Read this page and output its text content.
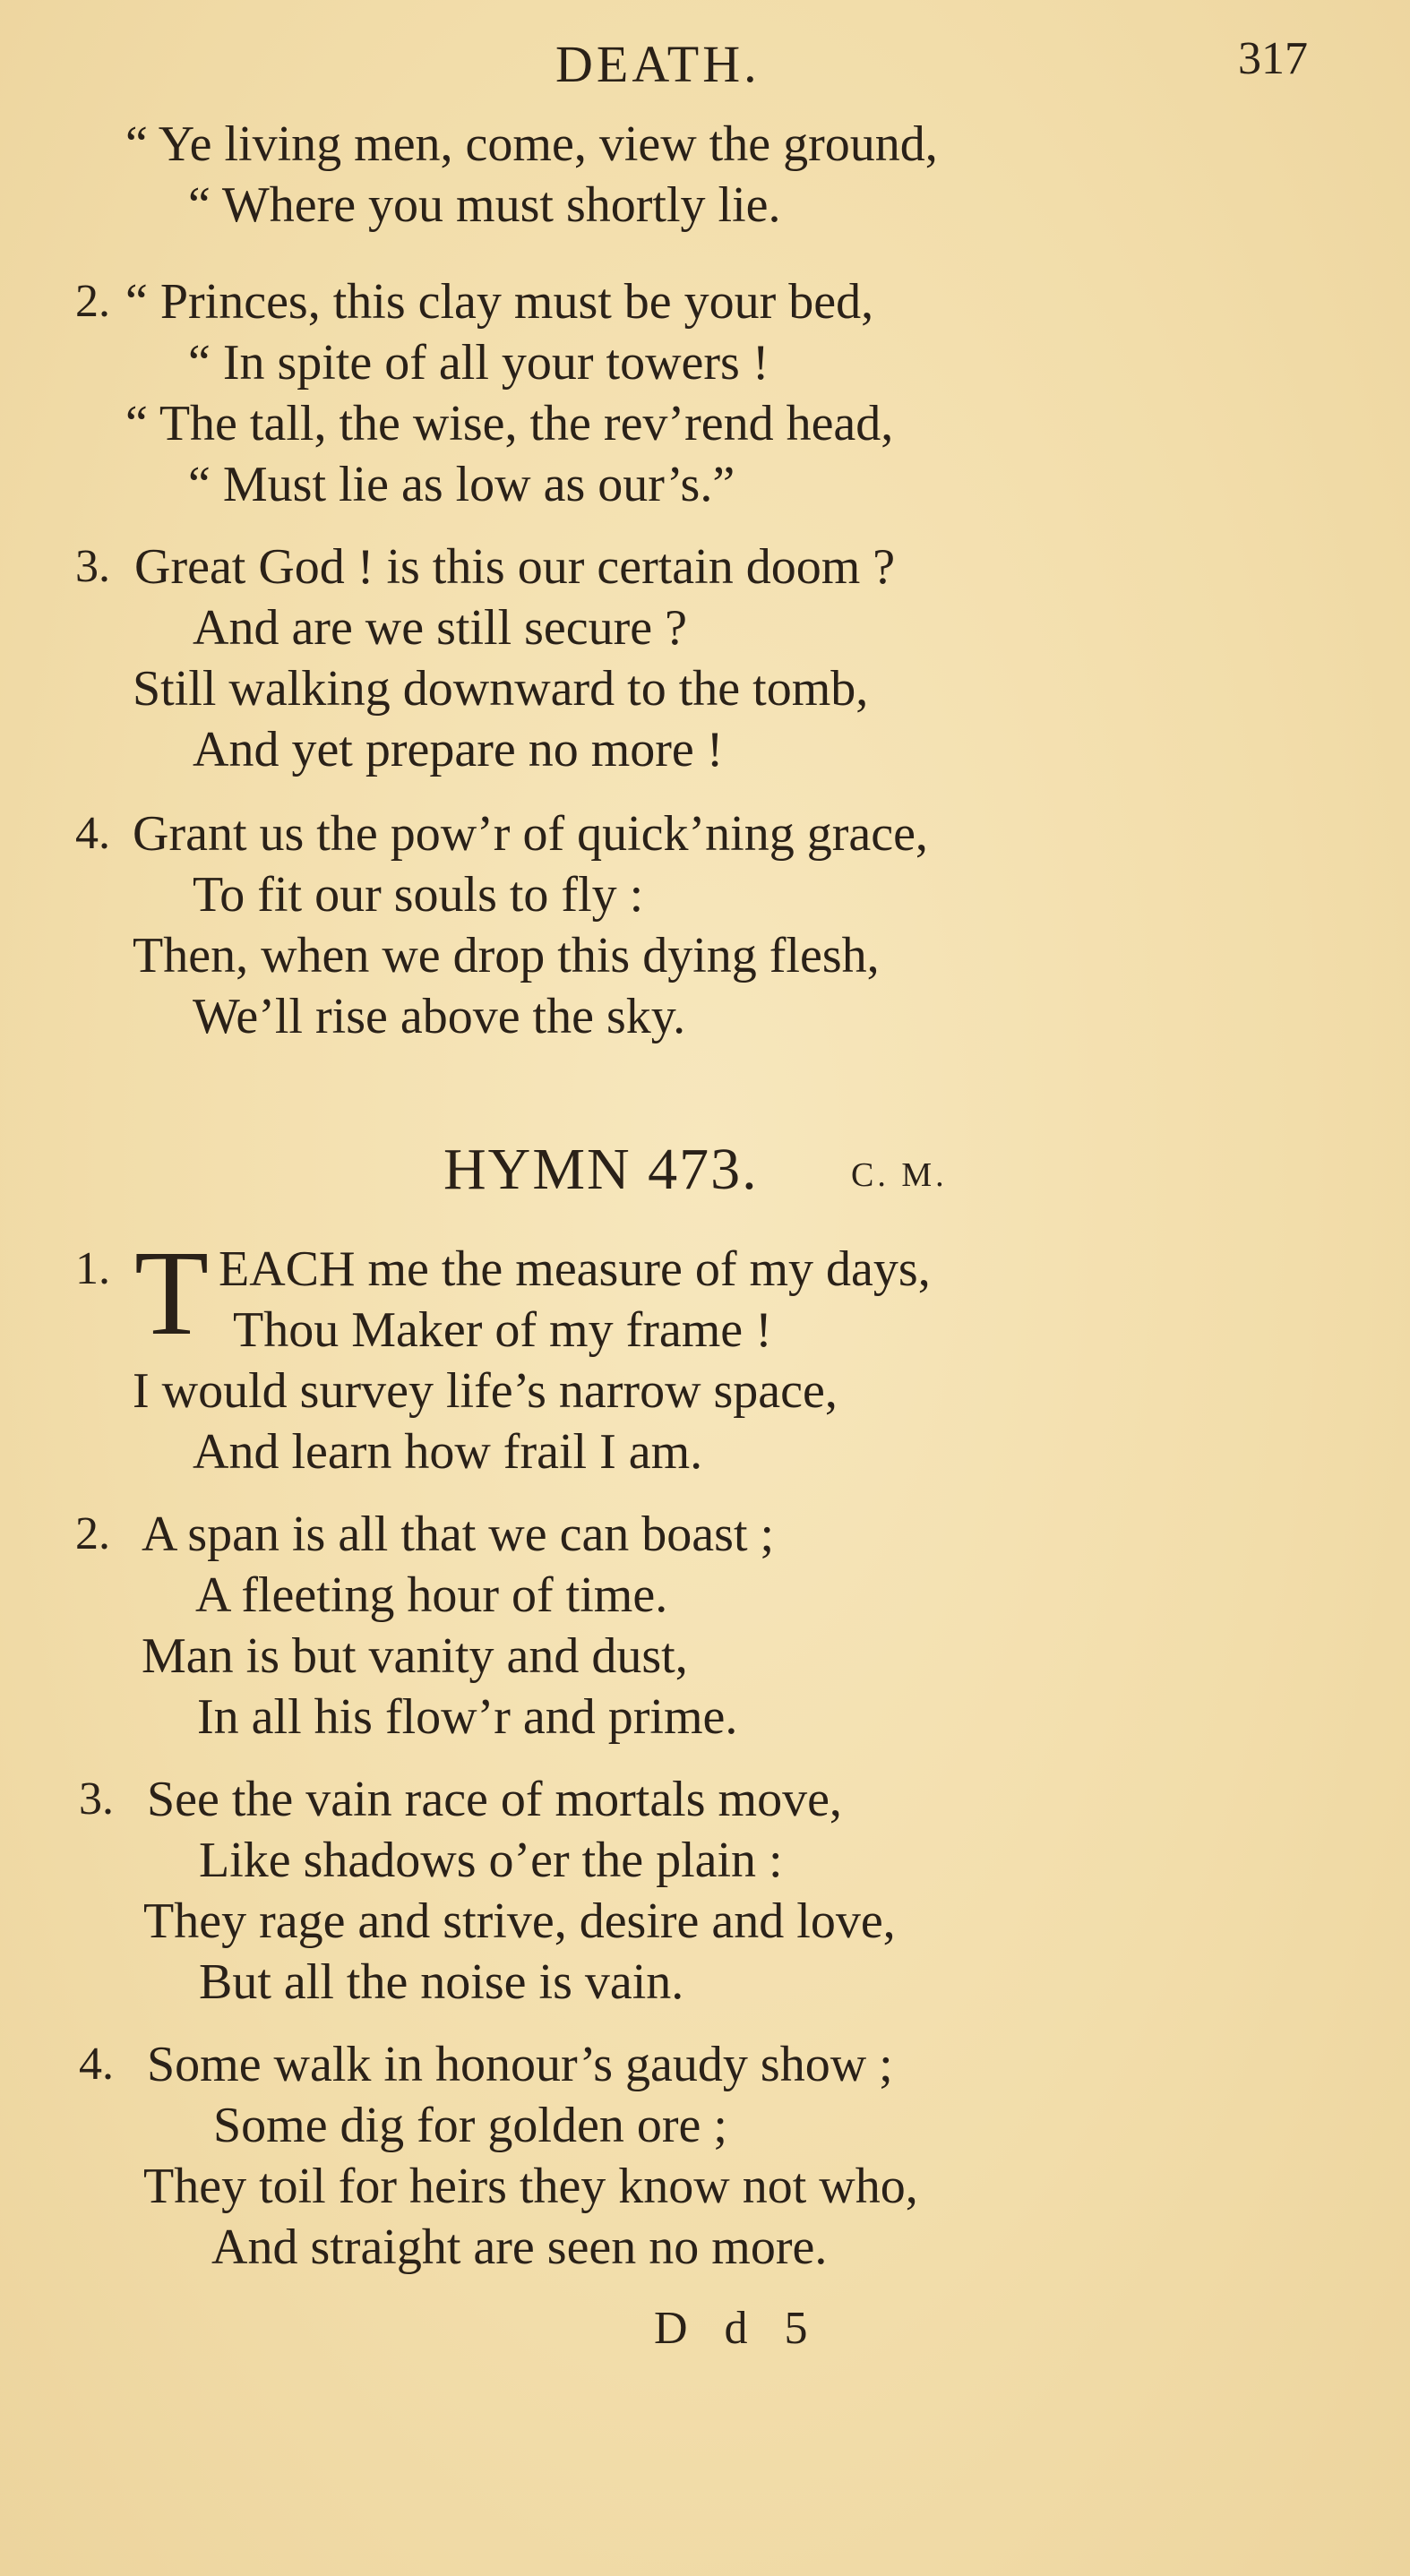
DEATH.	317
“ Ye living men, come, view the ground,
“ Where you must shortly lie.
2. “ Princes, this clay must be your bed,
“ In spite of all your towers !
“ The tall, the wise, the rev’rend head,
“ Must lie as low as our’s.”
3. Great God ! is this our certain doom ?
And are we still secure ?
Still walking downward to the tomb,
And yet prepare no more !
4. Grant us the pow’r of quick’ning grace,
To fit our souls to fly :
Then, when we drop this dying flesh,
We’ll rise above the sky.
HYMN 473.	C. M.
1. T EACH me the measure of my days,
Thou Maker of my frame !
I would survey life’s narrow space,
And learn how frail I am.
2. A span is all that we can boast ;
A fleeting hour of time.
Man is but vanity and dust,
In all his flow’r and prime.
3. See the vain race of mortals move,
Like shadows o’er the plain :
They rage and strive, desire and love,
But all the noise is vain.
4. Some walk in honour’s gaudy show ;
Some dig for golden ore ;
They toil for heirs they know not who,
And straight are seen no more.
D d 5
